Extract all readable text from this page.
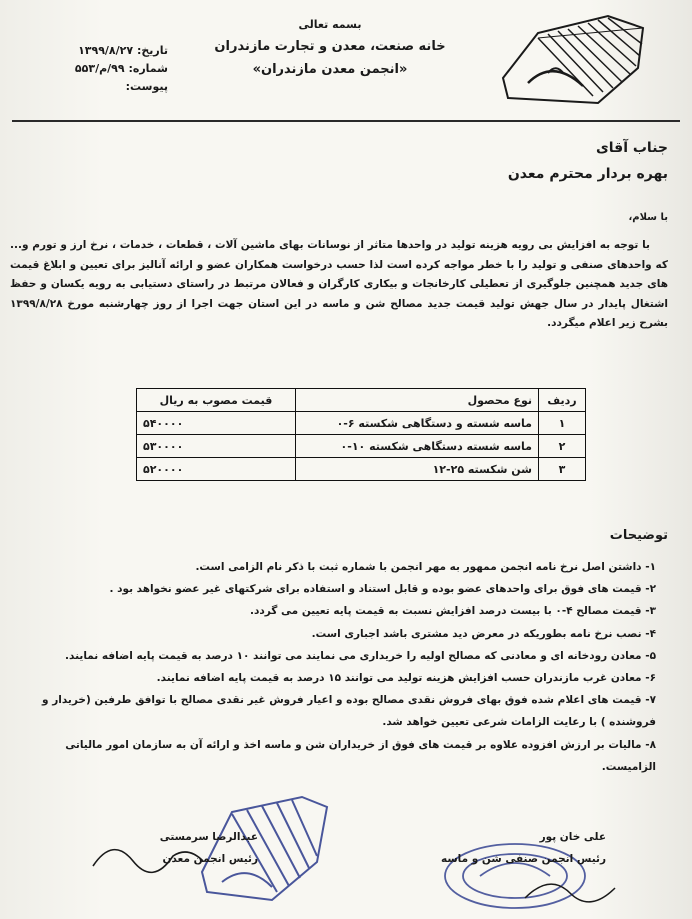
بسمه تعالی
خانه صنعت، معدن و تجارت مازندران
«انجمن معدن مازندران»
تاریخ: ۱۳۹۹/۸/۲۷
شماره: ۹۹/م/۵۵۳
پیوست:
جناب آقای
بهره بردار محترم معدن
با سلام،
با توجه به افزایش بی رویه هزینه تولید در واحدها متاثر از نوسانات بهای ماشین آلات ، قطعات ، خدمات ، نرخ ارز و تورم و... که واحدهای صنفی و تولید را با خطر مواجه کرده است لذا حسب درخواست همکاران عضو و ارائه آنالیز برای تعیین و ابلاغ قیمت های جدید همچنین جلوگیری از تعطیلی کارخانجات و بیکاری کارگران و فعالان مرتبط در راستای دستیابی به رویه یکسان و حفظ اشتغال پایدار در سال جهش تولید قیمت جدید مصالح شن و ماسه در این استان جهت اجرا از روز چهارشنبه مورخ ۱۳۹۹/۸/۲۸ بشرح زیر اعلام میگردد.
ردیف	نوع محصول	قیمت مصوب به ریال
۱	ماسه شسته و دستگاهی شکسته ۶-۰	۵۴۰۰۰۰
۲	ماسه شسته دستگاهی شکسته ۱۰-۰	۵۳۰۰۰۰
۳	شن شکسته ۲۵-۱۲	۵۲۰۰۰۰
توضیحات
۱- داشتن اصل نرخ نامه انجمن ممهور به مهر انجمن با شماره ثبت با ذکر نام الزامی است.
۲- قیمت های فوق برای واحدهای عضو بوده و قابل استناد و استفاده برای شرکتهای غیر عضو نخواهد بود .
۳- قیمت مصالح ۴-۰ با بیست درصد افزایش نسبت به قیمت پایه تعیین می گردد.
۴- نصب نرخ نامه بطوریکه در معرض دید مشتری باشد اجباری است.
۵- معادن رودخانه ای و معادنی که مصالح اولیه را خریداری می نمایند می توانند ۱۰ درصد به قیمت پایه اضافه نمایند.
۶- معادن غرب مازندران حسب افزایش هزینه تولید می توانند ۱۵ درصد به قیمت پایه اضافه نمایند.
۷- قیمت های اعلام شده فوق بهای فروش نقدی مصالح بوده و اعیار فروش غیر نقدی مصالح با توافق طرفین (خریدار و فروشنده ) با رعایت الزامات شرعی تعیین خواهد شد.
۸- مالیات بر ارزش افزوده علاوه بر قیمت های فوق از خریداران شن و ماسه اخذ و ارائه آن به سازمان امور مالیاتی الزامیست.
علی خان پور
رئیس انجمن صنفی شن و ماسه
عبدالرضا سرمستی
رئیس انجمن معدن
